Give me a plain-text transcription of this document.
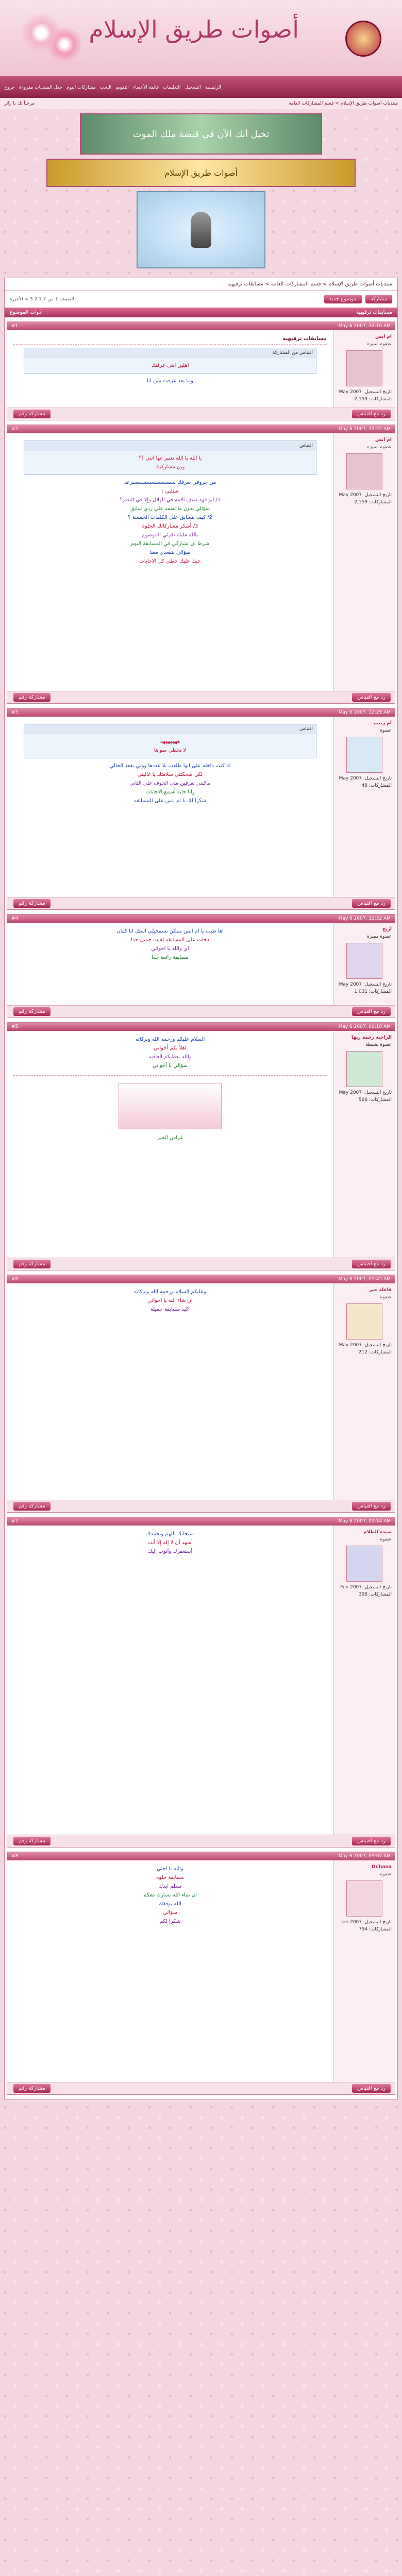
أصوات طريق الإسلام
الرئيسية
التسجيل
التعليمات
قائمة الأعضاء
التقويم
البحث
مشاركات اليوم
جعل المنتديات مقروءة
خروج
منتديات أصوات طريق الإسلام > قسم المشاركات العامة
مرحباً بك يا زائر
تخيل أنك الآن في قبضة ملك الموت
أصوات طريق الإسلام
منتديات أصوات طريق الإسلام > قسم المشاركات العامة > مسابقات ترفيهية
مشاركة موضوع جديد
الصفحة 1 من 7 1 2 3 > الأخيرة
مسابقات ترفيهية
أدوات الموضوع
May 6 2007, 12:16 AM
#1
ام انس
عضوة مميزة
تاريخ التسجيل: May 2007
المشاركات: 2,159
مسابقات ترفيهية
اقتباس من المشاركة
اهلين انتي عرفتك
وانا بعد عرفت مين انا
رد مع اقتباس
مشاركة رقم
May 6 2007, 12:22 AM
#2
ام انس
عضوة مميزة
تاريخ التسجيل: May 2007
المشاركات: 2,159
اقتباس
يا الله يا الله تعتبر انها انتي ؟؟
وين مشاركتك
من حروفي نعرفك بسسسسسسسسسرعه
سئلتي :
1/ ابو فهد ضيف الامة في الهلال وإلا في النصر؟
سؤالي بدون ما تعتمد علي ردي سابق
2/ كيف نتسابق على الكلمات الخمسة ؟
3/ أشكر مشاركاتك الحلوة
بالله عليك تقرئي الموضوع
شرط ان تشاركي في المسابقة اليوم
سؤالي بتقعدي معنا
حبك عليك حطي كل الاجابات
رد مع اقتباس
مشاركة رقم
May 6 2007, 12:29 AM
#3
أم زينب
عضوة
تاريخ التسجيل: May 2007
المشاركات: 48
اقتباس
هههههههه
لا تحطي سواها
انا كنت داخله على انها طلعت بلا عددها ووتي بقعد الحالي
لكن ضحكتني سلامتك يا غاليتي
ماكنتي تعرفين متى الخوف على التاني
وانا حابة أسمع الاجابات
شكرا لك يا ام انس على المسابقة
رد مع اقتباس
مشاركة رقم
May 6 2007, 12:32 AM
#4
أريج
عضوة مميزة
تاريخ التسجيل: May 2007
المشاركات: 1,031
اها طيب يا ام انس ممكن تسمحيلي اسئل انا كمان
دخلت على المسابقة لقيت جميل جدا
اي والله يا اخواتي
مسابقة رائعة جدا
رد مع اقتباس
مشاركة رقم
May 6 2007, 01:10 AM
#5
الراجية رحمة ربها
عضوة نشيطة
تاريخ التسجيل: May 2007
المشاركات: 566
السلام عليكم ورحمة الله وبركاته
اهلاً بكم أخواتي
والله يعطيكم العافية
سؤالي يا أخواتي
غراس الخير
رد مع اقتباس
مشاركة رقم
May 6 2007, 01:45 AM
#6
فاعلة خير
عضوة
تاريخ التسجيل: May 2007
المشاركات: 212
وعليكم السلام ورحمة الله وبركاته
ان شاء الله يا اخواتي
اكيد مسابقة جميلة
رد مع اقتباس
مشاركة رقم
May 6 2007, 02:14 AM
#7
سيدة الظلام
عضوة
تاريخ التسجيل: Feb 2007
المشاركات: 398
سبحانك اللهم وبحمدك
أشهد أن لا إله إلا أنت
أستغفرك وأتوب إليك
رد مع اقتباس
مشاركة رقم
May 6 2007, 03:07 AM
#8
Dr.hana
عضوة
تاريخ التسجيل: Jan 2007
المشاركات: 754
والله يا اختي
مسابقة حلوة
تسلم ايدك
ان شاء الله نشارك معكم
الله يوفقك
سؤالي
شكرا لكم
رد مع اقتباس
مشاركة رقم
